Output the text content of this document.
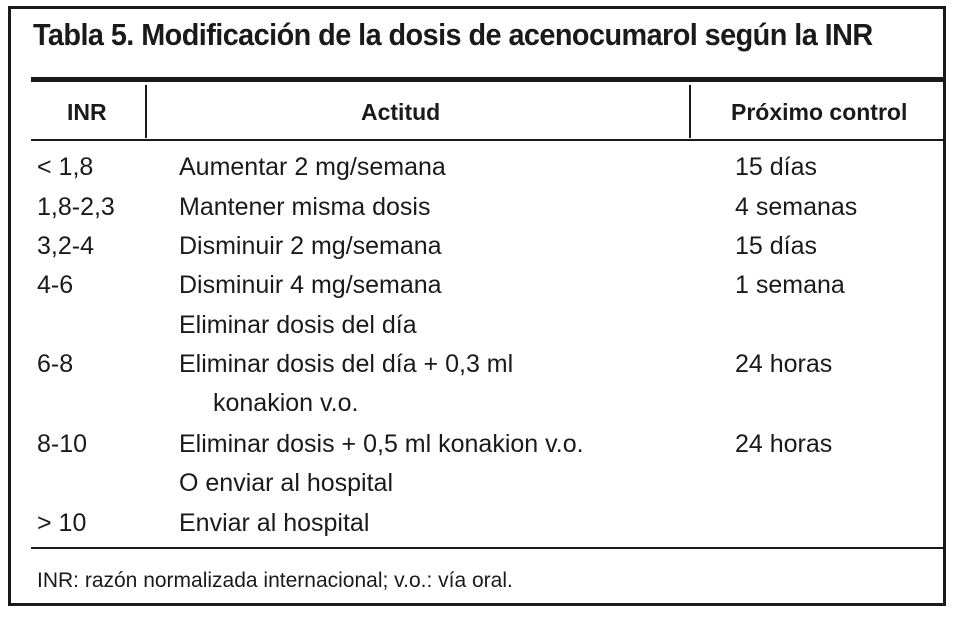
Tabla 5. Modificación de la dosis de acenocumarol según la INR
INR	Actitud	Próximo control
< 1,8	Aumentar 2 mg/semana	15 días
1,8-2,3	Mantener misma dosis	4 semanas
3,2-4	Disminuir 2 mg/semana	15 días
4-6	Disminuir 4 mg/semana	1 semana
Eliminar dosis del día
6-8	Eliminar dosis del día + 0,3 ml	24 horas
konakion v.o.
8-10	Eliminar dosis + 0,5 ml konakion v.o.	24 horas
O enviar al hospital
> 10	Enviar al hospital
INR: razón normalizada internacional; v.o.: vía oral.
